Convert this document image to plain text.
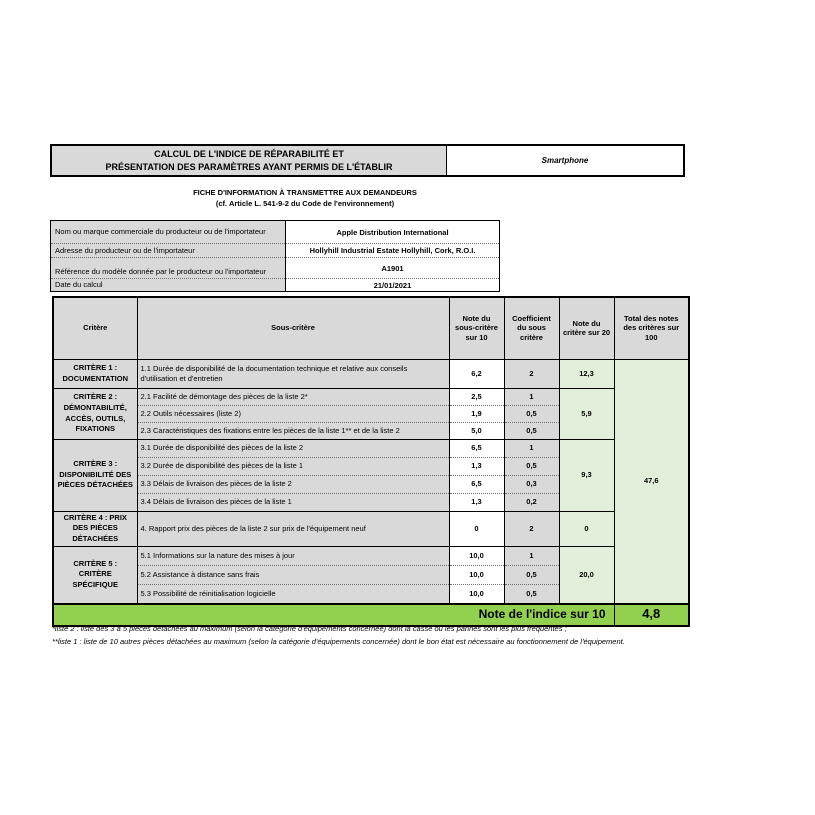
CALCUL DE L'INDICE DE RÉPARABILITÉ ET
PRÉSENTATION DES PARAMÈTRES AYANT PERMIS DE L'ÉTABLIR
Smartphone
FICHE D'INFORMATION À TRANSMETTRE AUX DEMANDEURS
(cf. Article L. 541-9-2 du Code de l'environnement)
Nom ou marque commerciale du producteur ou de l'importateur	Apple Distribution International
Adresse du producteur ou de l'importateur	Hollyhill Industrial Estate Hollyhill, Cork, R.O.I.
Référence du modèle donnée par le producteur ou l'importateur	A1901
Date du calcul	21/01/2021
Critère	Sous-critère	Note du sous-critère sur 10	Coefficient du sous critère	Note du critère sur 20	Total des notes des critères sur 100
CRITÈRE 1 : DOCUMENTATION	1.1 Durée de disponibilité de la documentation technique et relative aux conseils d'utilisation et d'entretien	6,2	2	12,3	47,6
CRITÈRE 2 : DÉMONTABILITÉ, ACCÈS, OUTILS, FIXATIONS	2.1 Facilité de démontage des pièces de la liste 2*	2,5	1	5,9	
	2.2 Outils nécessaires (liste 2)	1,9	0,5		
	2.3 Caractéristiques des fixations entre les pièces de la liste 1** et de la liste 2	5,0	0,5		
CRITÈRE 3 : DISPONIBILITÉ DES PIÈCES DÉTACHÉES	3.1 Durée de disponibilité des pièces de la liste 2	6,5	1	9,3	
	3.2 Durée de disponibilité des pièces de la liste 1	1,3	0,5		
	3.3 Délais de livraison des pièces de la liste 2	6,5	0,3		
	3.4 Délais de livraison des pièces de la liste 1	1,3	0,2		
CRITÈRE 4 : PRIX DES PIÈCES DÉTACHÉES	4. Rapport prix des pièces de la liste 2 sur prix de l'équipement neuf	0	2	0	
CRITÈRE 5 : CRITÈRE SPÉCIFIQUE	5.1 Informations sur la nature des mises à jour	10,0	1	20,0	
	5.2 Assistance à distance sans frais	10,0	0,5		
	5.3 Possibilité de réinitialisation logicielle	10,0	0,5		
Note de l'indice sur 10					4,8
*liste 2 : liste des 3 à 5 pièces détachées au maximum (selon la catégorie d'équipements concernée) dont la casse ou les pannes sont les plus fréquentes ;
**liste 1 : liste de 10 autres pièces détachées au maximum (selon la catégorie d'équipements concernée) dont le bon état est nécessaire au fonctionnement de l'équipement.
